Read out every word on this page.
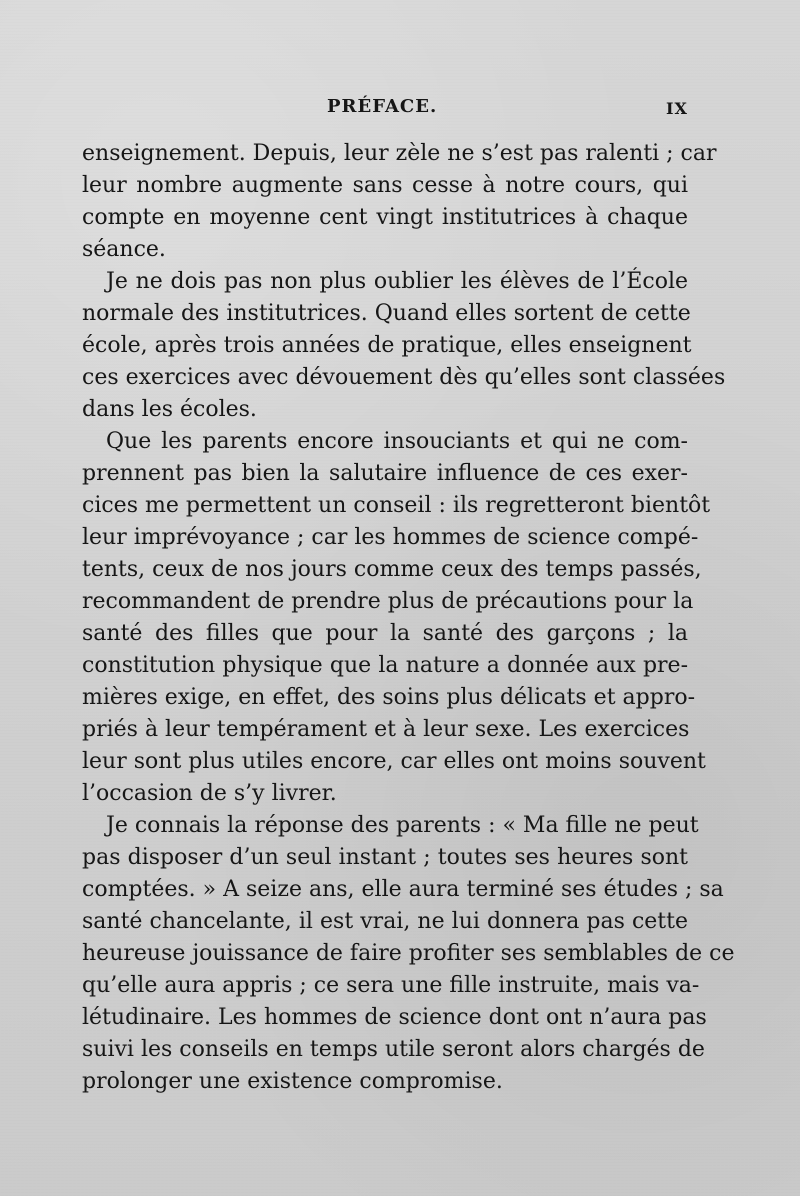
PRÉFACE.	IX
enseignement. Depuis, leur zèle ne s’est pas ralenti ; car
leur nombre augmente sans cesse à notre cours, qui
compte en moyenne cent vingt institutrices à chaque
séance.
Je ne dois pas non plus oublier les élèves de l’École
normale des institutrices. Quand elles sortent de cette
école, après trois années de pratique, elles enseignent
ces exercices avec dévouement dès qu’elles sont classées
dans les écoles.
Que les parents encore insouciants et qui ne com-
prennent pas bien la salutaire influence de ces exer-
cices me permettent un conseil : ils regretteront bientôt
leur imprévoyance ; car les hommes de science compé-
tents, ceux de nos jours comme ceux des temps passés,
recommandent de prendre plus de précautions pour la
santé des filles que pour la santé des garçons ; la
constitution physique que la nature a donnée aux pre-
mières exige, en effet, des soins plus délicats et appro-
priés à leur tempérament et à leur sexe. Les exercices
leur sont plus utiles encore, car elles ont moins souvent
l’occasion de s’y livrer.
Je connais la réponse des parents : « Ma fille ne peut
pas disposer d’un seul instant ; toutes ses heures sont
comptées. » A seize ans, elle aura terminé ses études ; sa
santé chancelante, il est vrai, ne lui donnera pas cette
heureuse jouissance de faire profiter ses semblables de ce
qu’elle aura appris ; ce sera une fille instruite, mais va-
létudinaire. Les hommes de science dont ont n’aura pas
suivi les conseils en temps utile seront alors chargés de
prolonger une existence compromise.
